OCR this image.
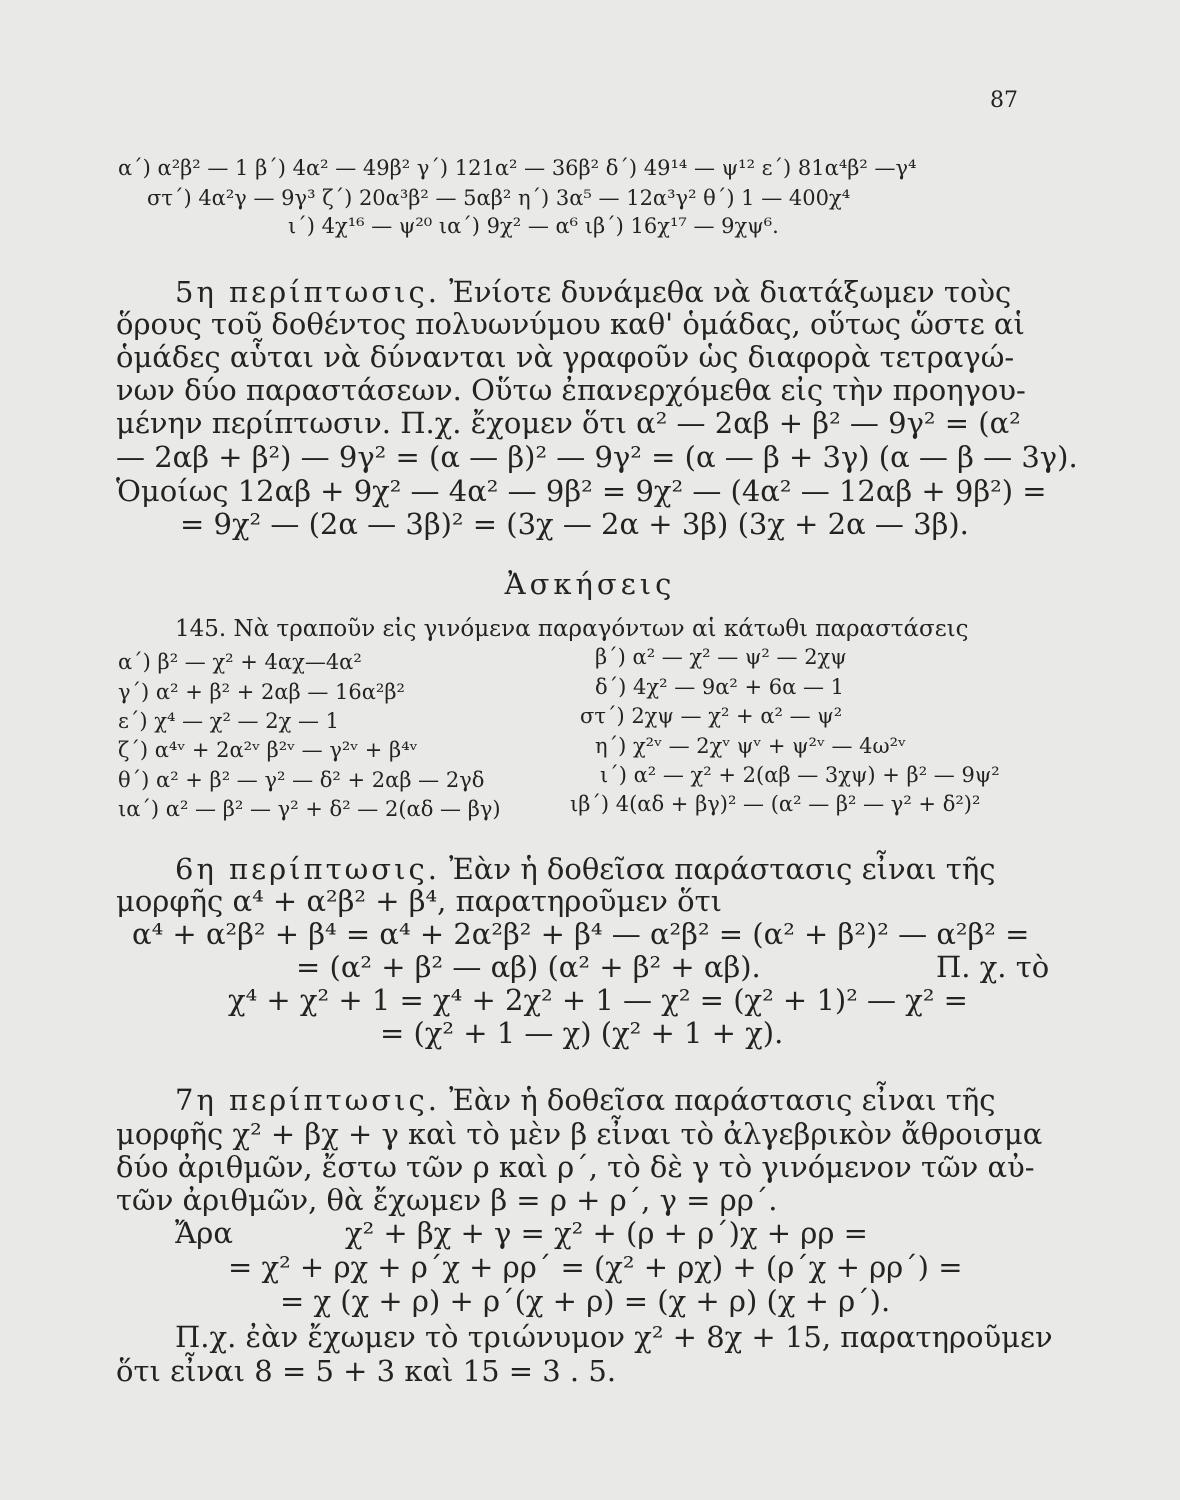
87
α΄) α²β² — 1 β΄) 4α² — 49β² γ΄) 121α² — 36β² δ΄) 49¹⁴ — ψ¹² ε΄) 81α⁴β² —γ⁴
στ΄) 4α²γ — 9γ³ ζ΄) 20α³β² — 5αβ² η΄) 3α⁵ — 12α³γ² θ΄) 1 — 400χ⁴
ι΄) 4χ¹⁶ — ψ²⁰ ια΄) 9χ² — α⁶ ιβ΄) 16χ¹⁷ — 9χψ⁶.
5η περίπτωσις. Ἐνίοτε δυνάμεθα νὰ διατάξωμεν τοὺς
ὅρους τοῦ δοθέντος πολυωνύμου καθ' ὁμάδας, οὕτως ὥστε αἱ
ὁμάδες αὗται νὰ δύνανται νὰ γραφοῦν ὡς διαφορὰ τετραγώ-
νων δύο παραστάσεων. Οὕτω ἐπανερχόμεθα εἰς τὴν προηγου-
μένην περίπτωσιν. Π.χ. ἔχομεν ὅτι α² — 2αβ + β² — 9γ² = (α²
— 2αβ + β²) — 9γ² = (α — β)² — 9γ² = (α — β + 3γ) (α — β — 3γ).
Ὁμοίως 12αβ + 9χ² — 4α² — 9β² = 9χ² — (4α² — 12αβ + 9β²) =
= 9χ² — (2α — 3β)² = (3χ — 2α + 3β) (3χ + 2α — 3β).
Ἀσκήσεις
145. Νὰ τραποῦν εἰς γινόμενα παραγόντων αἱ κάτωθι παραστάσεις
α΄) β² — χ² + 4αχ—4α²
γ΄) α² + β² + 2αβ — 16α²β²
ε΄) χ⁴ — χ² — 2χ — 1
ζ΄) α⁴ᵛ + 2α²ᵛ β²ᵛ — γ²ᵛ + β⁴ᵛ
θ΄) α² + β² — γ² — δ² + 2αβ — 2γδ
ια΄) α² — β² — γ² + δ² — 2(αδ — βγ)
β΄) α² — χ² — ψ² — 2χψ
δ΄) 4χ² — 9α² + 6α — 1
στ΄) 2χψ — χ² + α² — ψ²
η΄) χ²ᵛ — 2χᵛ ψᵛ + ψ²ᵛ — 4ω²ᵛ
ι΄) α² — χ² + 2(αβ — 3χψ) + β² — 9ψ²
ιβ΄) 4(αδ + βγ)² — (α² — β² — γ² + δ²)²
6η περίπτωσις. Ἐὰν ἡ δοθεῖσα παράστασις εἶναι τῆς
μορφῆς α⁴ + α²β² + β⁴, παρατηροῦμεν ὅτι
α⁴ + α²β² + β⁴ = α⁴ + 2α²β² + β⁴ — α²β² = (α² + β²)² — α²β² =
= (α² + β² — αβ) (α² + β² + αβ).	Π. χ. τὸ
χ⁴ + χ² + 1 = χ⁴ + 2χ² + 1 — χ² = (χ² + 1)² — χ² =
= (χ² + 1 — χ) (χ² + 1 + χ).
7η περίπτωσις. Ἐὰν ἡ δοθεῖσα παράστασις εἶναι τῆς
μορφῆς χ² + βχ + γ καὶ τὸ μὲν β εἶναι τὸ ἀλγεβρικὸν ἄθροισμα
δύο ἀριθμῶν, ἔστω τῶν ρ καὶ ρ΄, τὸ δὲ γ τὸ γινόμενον τῶν αὐ-
τῶν ἀριθμῶν, θὰ ἔχωμεν β = ρ + ρ΄, γ = ρρ΄.
Ἄρα	χ² + βχ + γ = χ² + (ρ + ρ΄)χ + ρρ =
= χ² + ρχ + ρ΄χ + ρρ΄ = (χ² + ρχ) + (ρ΄χ + ρρ΄) =
= χ (χ + ρ) + ρ΄(χ + ρ) = (χ + ρ) (χ + ρ΄).
Π.χ. ἐὰν ἔχωμεν τὸ τριώνυμον χ² + 8χ + 15, παρατηροῦμεν
ὅτι εἶναι 8 = 5 + 3 καὶ 15 = 3 . 5.
